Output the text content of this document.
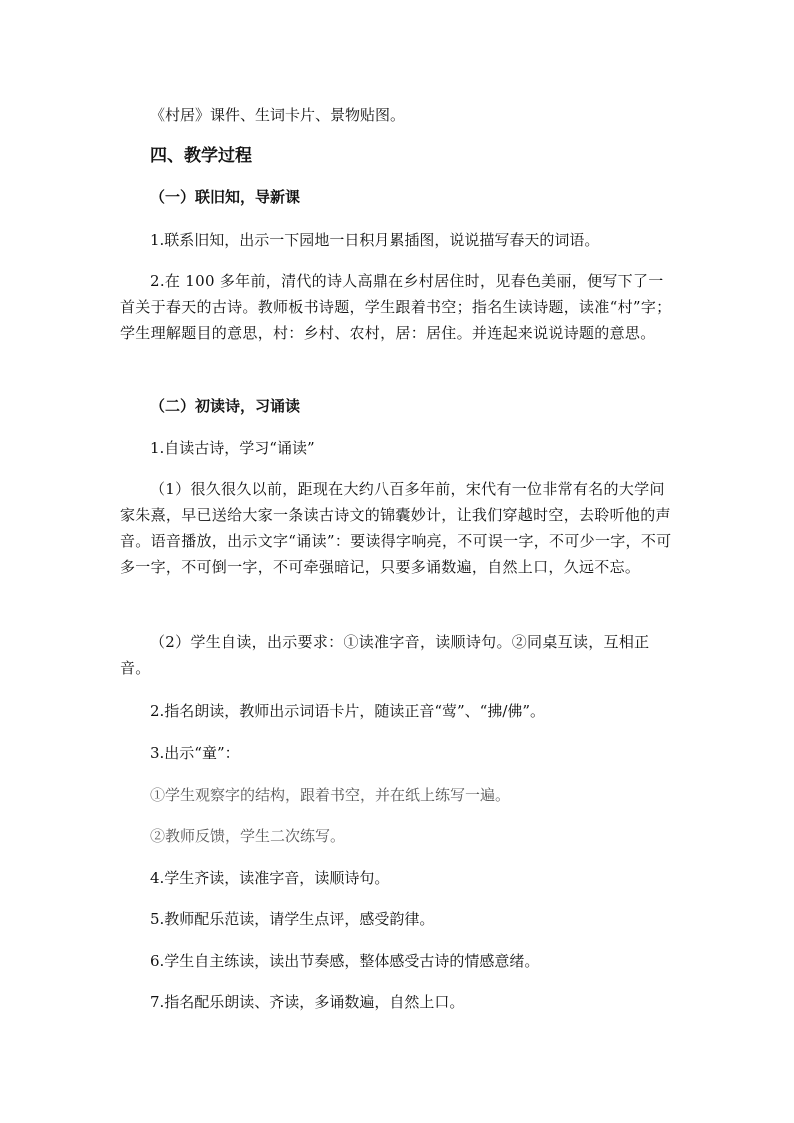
《村居》课件、生词卡片、景物贴图。
四、教学过程
（一）联旧知，导新课
1.联系旧知，出示一下园地一日积月累插图，说说描写春天的词语。
2.在 100 多年前，清代的诗人高鼎在乡村居住时，见春色美丽，便写下了一首关于春天的古诗。教师板书诗题，学生跟着书空；指名生读诗题，读准“村”字；学生理解题目的意思，村：乡村、农村，居：居住。并连起来说说诗题的意思。
（二）初读诗，习诵读
1.自读古诗，学习“诵读”
（1）很久很久以前，距现在大约八百多年前，宋代有一位非常有名的大学问家朱熹，早已送给大家一条读古诗文的锦囊妙计，让我们穿越时空，去聆听他的声音。语音播放，出示文字“诵读”：要读得字响亮，不可误一字，不可少一字，不可多一字，不可倒一字，不可牵强暗记，只要多诵数遍，自然上口，久远不忘。
（2）学生自读，出示要求：①读准字音，读顺诗句。②同桌互读，互相正音。
2.指名朗读，教师出示词语卡片，随读正音“莺”、“拂/佛”。
3.出示“童”：
①学生观察字的结构，跟着书空，并在纸上练写一遍。
②教师反馈，学生二次练写。
4.学生齐读，读准字音，读顺诗句。
5.教师配乐范读，请学生点评，感受韵律。
6.学生自主练读，读出节奏感，整体感受古诗的情感意绪。
7.指名配乐朗读、齐读，多诵数遍，自然上口。
